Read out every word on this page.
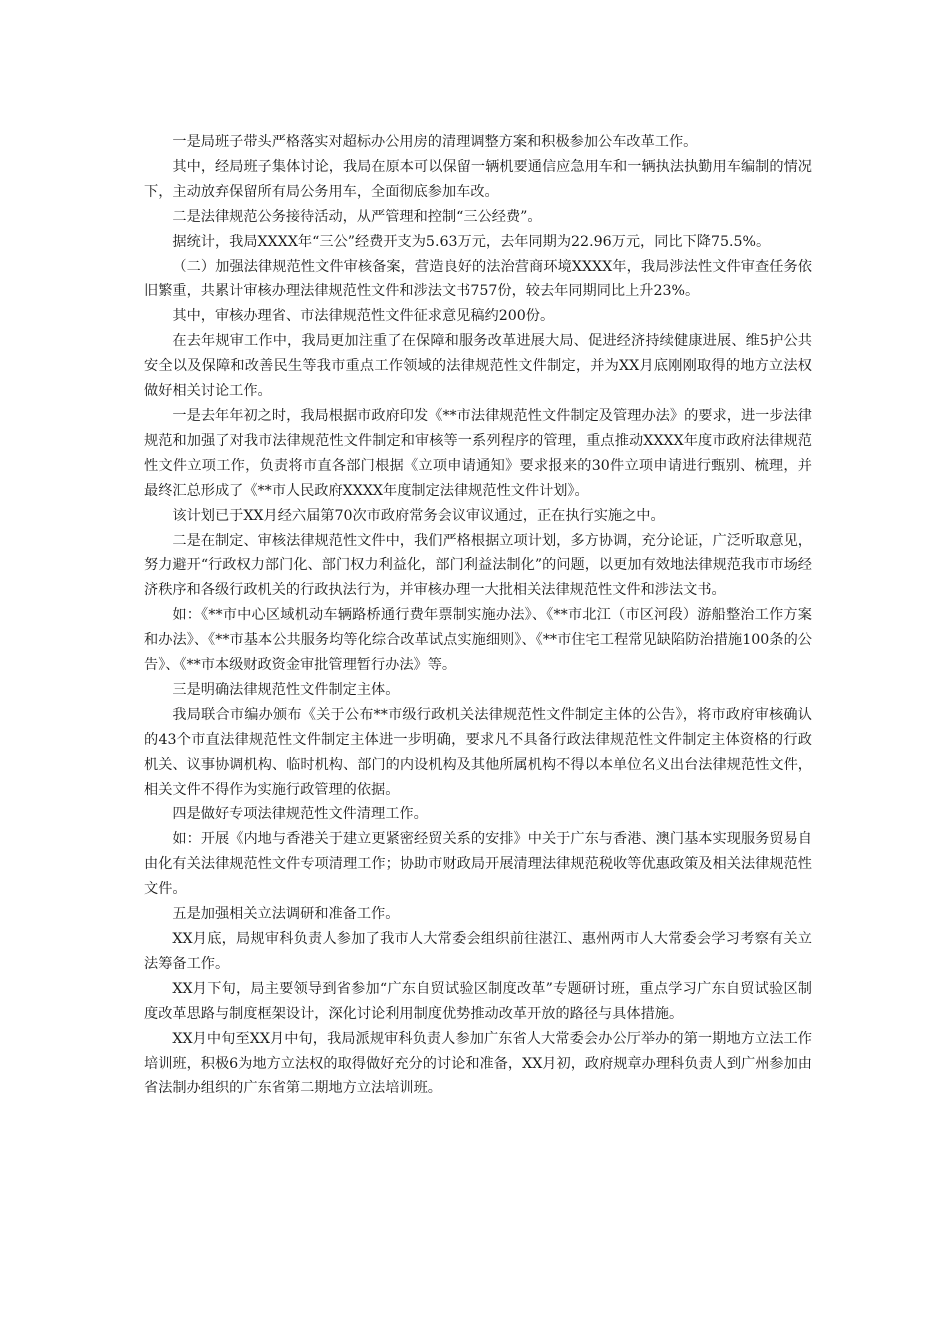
一是局班子带头严格落实对超标办公用房的清理调整方案和积极参加公车改革工作。

其中，经局班子集体讨论，我局在原本可以保留一辆机要通信应急用车和一辆执法执勤用车编制的情况下，主动放弃保留所有局公务用车，全面彻底参加车改。

二是法律规范公务接待活动，从严管理和控制“三公经费”。

据统计，我局XXXX年“三公”经费开支为5.63万元，去年同期为22.96万元，同比下降75.5%。

（二）加强法律规范性文件审核备案，营造良好的法治营商环境XXXX年，我局涉法性文件审查任务依旧繁重，共累计审核办理法律规范性文件和涉法文书757份，较去年同期同比上升23%。

其中，审核办理省、市法律规范性文件征求意见稿约200份。

在去年规审工作中，我局更加注重了在保障和服务改革进展大局、促进经济持续健康进展、维5护公共安全以及保障和改善民生等我市重点工作领域的法律规范性文件制定，并为XX月底刚刚取得的地方立法权做好相关讨论工作。

一是去年年初之时，我局根据市政府印发《**市法律规范性文件制定及管理办法》的要求，进一步法律规范和加强了对我市法律规范性文件制定和审核等一系列程序的管理，重点推动XXXX年度市政府法律规范性文件立项工作，负责将市直各部门根据《立项申请通知》要求报来的30件立项申请进行甄别、梳理，并最终汇总形成了《**市人民政府XXXX年度制定法律规范性文件计划》。

该计划已于XX月经六届第70次市政府常务会议审议通过，正在执行实施之中。

二是在制定、审核法律规范性文件中，我们严格根据立项计划，多方协调，充分论证，广泛听取意见，努力避开“行政权力部门化、部门权力利益化，部门利益法制化”的问题，以更加有效地法律规范我市市场经济秩序和各级行政机关的行政执法行为，并审核办理一大批相关法律规范性文件和涉法文书。

如：《**市中心区域机动车辆路桥通行费年票制实施办法》、《**市北江（市区河段）游船整治工作方案和办法》、《**市基本公共服务均等化综合改革试点实施细则》、《**市住宅工程常见缺陷防治措施100条的公告》、《**市本级财政资金审批管理暂行办法》等。

三是明确法律规范性文件制定主体。

我局联合市编办颁布《关于公布**市级行政机关法律规范性文件制定主体的公告》，将市政府审核确认的43个市直法律规范性文件制定主体进一步明确，要求凡不具备行政法律规范性文件制定主体资格的行政机关、议事协调机构、临时机构、部门的内设机构及其他所属机构不得以本单位名义出台法律规范性文件，相关文件不得作为实施行政管理的依据。

四是做好专项法律规范性文件清理工作。

如：开展《内地与香港关于建立更紧密经贸关系的安排》中关于广东与香港、澳门基本实现服务贸易自由化有关法律规范性文件专项清理工作；协助市财政局开展清理法律规范税收等优惠政策及相关法律规范性文件。

五是加强相关立法调研和准备工作。

XX月底，局规审科负责人参加了我市人大常委会组织前往湛江、惠州两市人大常委会学习考察有关立法筹备工作。

XX月下旬，局主要领导到省参加“广东自贸试验区制度改革”专题研讨班，重点学习广东自贸试验区制度改革思路与制度框架设计，深化讨论利用制度优势推动改革开放的路径与具体措施。

XX月中旬至XX月中旬，我局派规审科负责人参加广东省人大常委会办公厅举办的第一期地方立法工作培训班，积极6为地方立法权的取得做好充分的讨论和准备，XX月初，政府规章办理科负责人到广州参加由省法制办组织的广东省第二期地方立法培训班。
